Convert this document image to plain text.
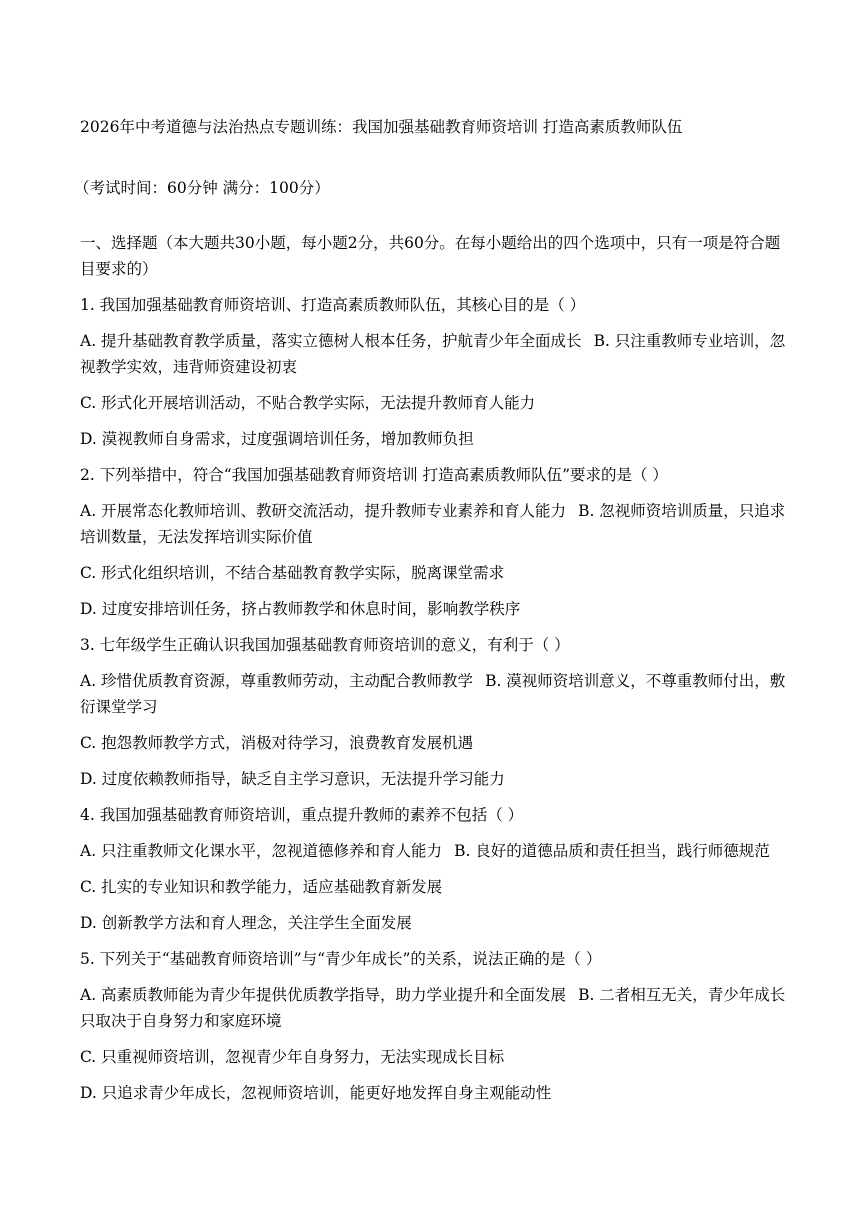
2026年中考道德与法治热点专题训练：我国加强基础教育师资培训 打造高素质教师队伍
（考试时间：60分钟 满分：100分）
一、选择题（本大题共30小题，每小题2分，共60分。在每小题给出的四个选项中，只有一项是符合题目要求的）
1. 我国加强基础教育师资培训、打造高素质教师队伍，其核心目的是（ ）
A. 提升基础教育教学质量，落实立德树人根本任务，护航青少年全面成长 B. 只注重教师专业培训，忽视教学实效，违背师资建设初衷
C. 形式化开展培训活动，不贴合教学实际，无法提升教师育人能力
D. 漠视教师自身需求，过度强调培训任务，增加教师负担
2. 下列举措中，符合“我国加强基础教育师资培训 打造高素质教师队伍”要求的是（ ）
A. 开展常态化教师培训、教研交流活动，提升教师专业素养和育人能力 B. 忽视师资培训质量，只追求培训数量，无法发挥培训实际价值
C. 形式化组织培训，不结合基础教育教学实际，脱离课堂需求
D. 过度安排培训任务，挤占教师教学和休息时间，影响教学秩序
3. 七年级学生正确认识我国加强基础教育师资培训的意义，有利于（ ）
A. 珍惜优质教育资源，尊重教师劳动，主动配合教师教学 B. 漠视师资培训意义，不尊重教师付出，敷衍课堂学习
C. 抱怨教师教学方式，消极对待学习，浪费教育发展机遇
D. 过度依赖教师指导，缺乏自主学习意识，无法提升学习能力
4. 我国加强基础教育师资培训，重点提升教师的素养不包括（ ）
A. 只注重教师文化课水平，忽视道德修养和育人能力 B. 良好的道德品质和责任担当，践行师德规范
C. 扎实的专业知识和教学能力，适应基础教育新发展
D. 创新教学方法和育人理念，关注学生全面发展
5. 下列关于“基础教育师资培训”与“青少年成长”的关系，说法正确的是（ ）
A. 高素质教师能为青少年提供优质教学指导，助力学业提升和全面发展 B. 二者相互无关，青少年成长只取决于自身努力和家庭环境
C. 只重视师资培训，忽视青少年自身努力，无法实现成长目标
D. 只追求青少年成长，忽视师资培训，能更好地发挥自身主观能动性
